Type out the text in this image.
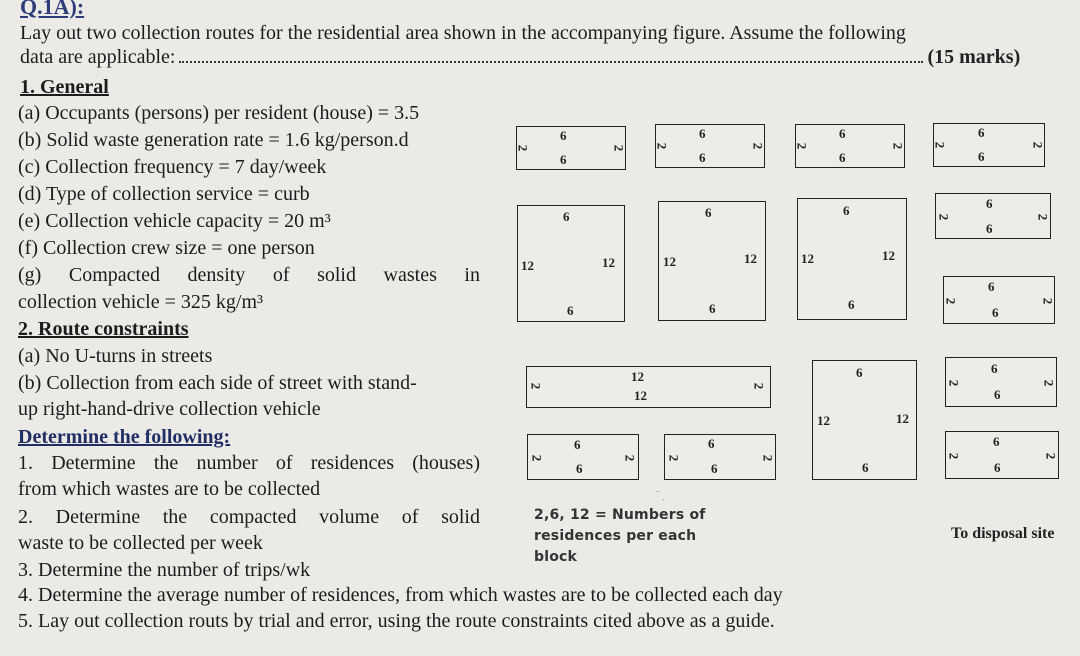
Q.1A):
Lay out two collection routes for the residential area shown in the accompanying figure. Assume the following
data are applicable:	(15 marks)
1. General
(a) Occupants (persons) per resident (house) = 3.5
(b) Solid waste generation rate = 1.6 kg/person.d
(c) Collection frequency = 7 day/week
(d) Type of collection service = curb
(e) Collection vehicle capacity = 20 m³
(f) Collection crew size = one person
(g) Compacted density of solid wastes in
collection vehicle = 325 kg/m³
2. Route constraints
(a) No U-turns in streets
(b) Collection from each side of street with stand-
up right-hand-drive collection vehicle
Determine the following:
1. Determine the number of residences (houses)
from which wastes are to be collected
2. Determine the compacted volume of solid
waste to be collected per week
3. Determine the number of trips/wk
4. Determine the average number of residences, from which wastes are to be collected each day
5. Lay out collection routs by trial and error, using the route constraints cited above as a guide.
2
6
6
2 2
6
6
2 2
6
6
2 2
6
6
2
6
12	12
6
6
12	12
6
6
12	12
6
2
6
6
2
2
6
6
2
2
12
12
2
6
12	12
6
2
6
6
2
2
6
6
2
2
6
6
2 2
6
6
2
˜ ˎ
2,6, 12 = Numbers of
residences per each
block
To disposal site
